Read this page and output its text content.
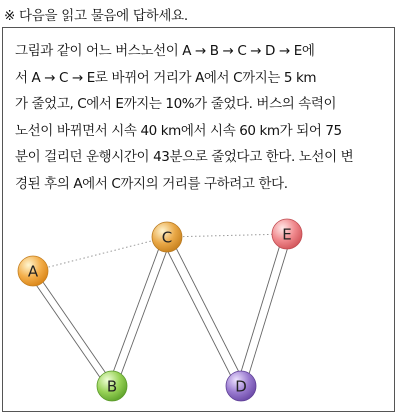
※ 다음을 읽고 물음에 답하세요.

그림과 같이 어느 버스노선이 A → B → C → D → E에
서 A → C → E로 바뀌어 거리가 A에서 C까지는 5 km
가 줄었고, C에서 E까지는 10%가 줄었다. 버스의 속력이
노선이 바뀌면서 시속 40 km에서 시속 60 km가 되어 75
분이 걸리던 운행시간이 43분으로 줄었다고 한다. 노선이 변
경된 후의 A에서 C까지의 거리를 구하려고 한다.

A
B
C
D
E
